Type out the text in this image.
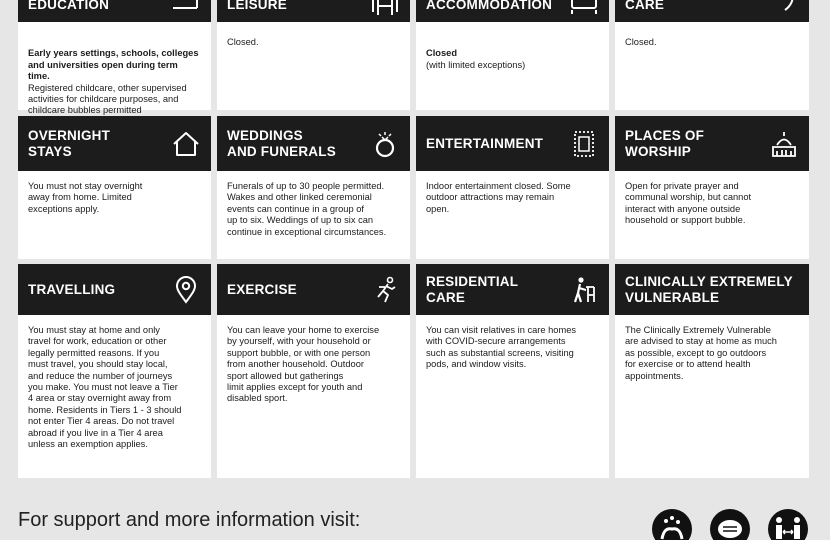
EDUCATION

Early years settings, schools, colleges and universities open during term time.
Registered childcare, other supervised activities for childcare purposes, and childcare bubbles permitted

LEISURE
Closed.
ACCOMMODATION

Closed
(with limited exceptions)

CARE
Closed.
OVERNIGHT
STAYS
You must not stay overnight
away from home. Limited
exceptions apply.
WEDDINGS
AND FUNERALS
Funerals of up to 30 people permitted.
Wakes and other linked ceremonial
events can continue in a group of
up to six. Weddings of up to six can
continue in exceptional circumstances.
ENTERTAINMENT
Indoor entertainment closed. Some
outdoor attractions may remain
open.
PLACES OF
WORSHIP
Open for private prayer and
communal worship, but cannot
interact with anyone outside
household or support bubble.
TRAVELLING
You must stay at home and only
travel for work, education or other
legally permitted reasons. If you
must travel, you should stay local,
and reduce the number of journeys
you make. You must not leave a Tier
4 area or stay overnight away from
home. Residents in Tiers 1 - 3 should
not enter Tier 4 areas. Do not travel
abroad if you live in a Tier 4 area
unless an exemption applies.
EXERCISE
You can leave your home to exercise
by yourself, with your household or
support bubble, or with one person
from another household. Outdoor
sport allowed but gatherings
limit applies except for youth and
disabled sport.
RESIDENTIAL
CARE
You can visit relatives in care homes
with COVID-secure arrangements
such as substantial screens, visiting
pods, and window visits.
CLINICALLY EXTREMELY
VULNERABLE
The Clinically Extremely Vulnerable
are advised to stay at home as much
as possible, except to go outdoors
for exercise or to attend health
appointments.
For support and more information visit:
